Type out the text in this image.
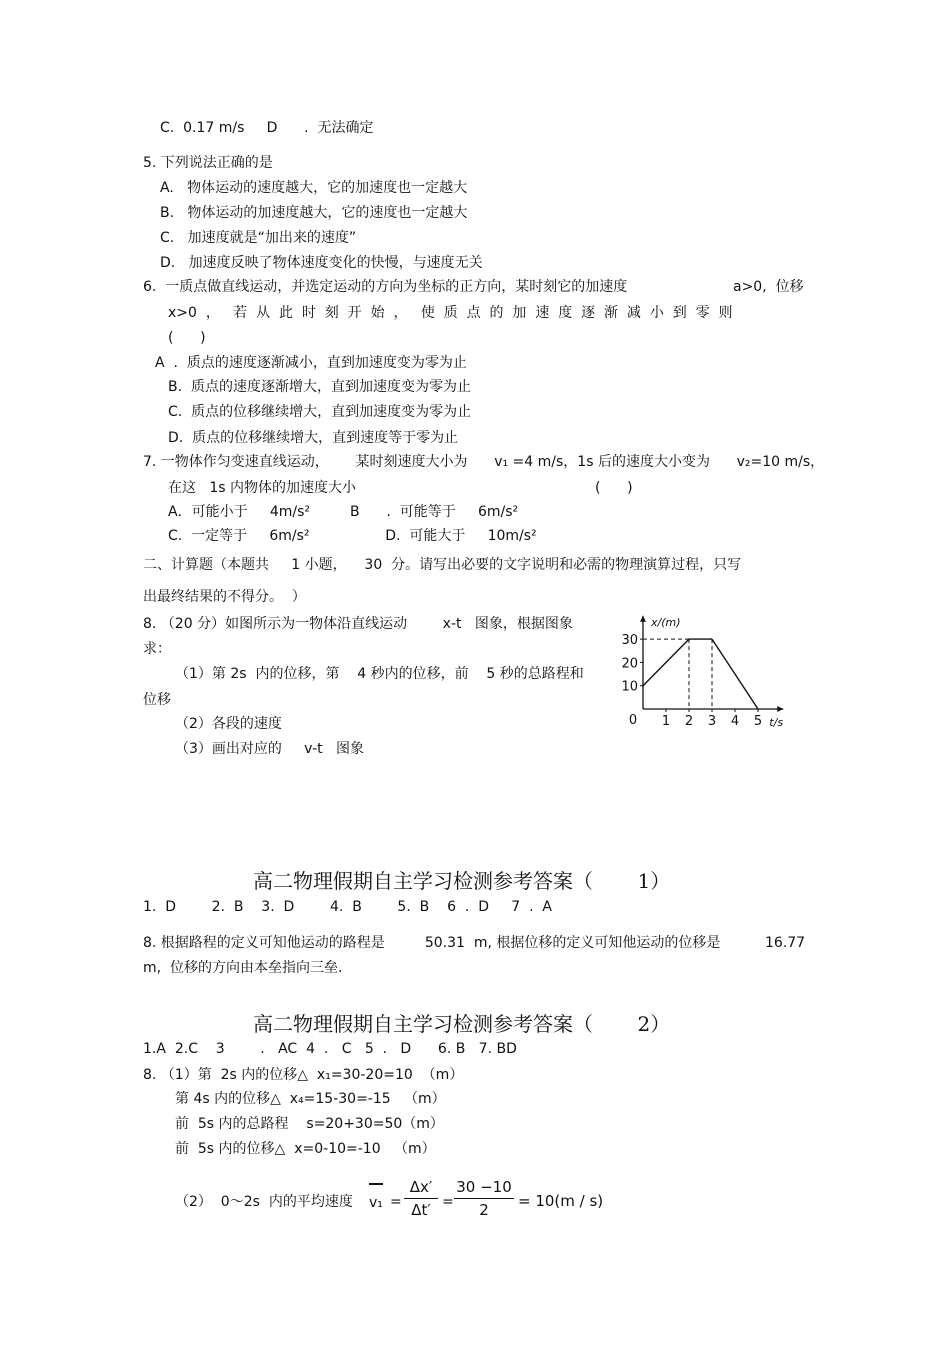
C.  0.17 m/s     D      .  无法确定
5. 下列说法正确的是
A.   物体运动的速度越大，它的加速度也一定越大
B.   物体运动的加速度越大，它的速度也一定越大
C.   加速度就是“加出来的速度”
D.   加速度反映了物体速度变化的快慢，与速度无关
6.  一质点做直线运动，并选定运动的方向为坐标的正方向，某时刻它的加速度	a>0,  位移
x>0  ，   若  从  此  时  刻  开  始  ，   使  质  点  的  加  速  度  逐  渐  减  小  到  零  则
(      )
A  .  质点的速度逐渐减小，直到加速度变为零为止
B.  质点的速度逐渐增大，直到加速度变为零为止
C.  质点的位移继续增大，直到加速度变为零为止
D.  质点的位移继续增大，直到速度等于零为止
7. 一物体作匀变速直线运动，      某时刻速度大小为      v₁ =4 m/s，1s 后的速度大小变为      v₂=10 m/s，
在这   1s 内物体的加速度大小	(      )
A．可能小于     4m/s²         B      .  可能等于     6m/s²
C.  一定等于     6m/s²                 D.  可能大于     10m/s²
二、计算题（本题共     1 小题，    30  分。请写出必要的文字说明和必需的物理演算过程，只写
出最终结果的不得分。  ）
8. （20 分）如图所示为一物体沿直线运动        x-t   图象，根据图象
求：
（1）第 2s  内的位移，第    4 秒内的位移，前    5 秒的总路程和
位移
（2）各段的速度
（3）画出对应的     v-t   图象
10
20
30
1 2 3 4 5
0
x/(m)
t/s
高二物理假期自主学习检测参考答案（       1）
1.  D        2.  B    3.  D        4.  B        5.  B    6  .  D     7  .  A
8. 根据路程的定义可知他运动的路程是         50.31  m, 根据位移的定义可知他运动的位移是	16.77
m,  位移的方向由本垒指向三垒.
高二物理假期自主学习检测参考答案（       2）
1.A  2.C    3        .   AC  4  .   C   5  .   D      6. B   7. BD
8. （1）第  2s 内的位移△  x₁=30-20=10  （m）
第 4s 内的位移△  x₄=15-30=-15   （m）
前  5s 内的总路程    s=20+30=50（m）
前  5s 内的位移△  x=0-10=-10   （m）
（2）  0～2s  内的平均速度 v₁ =
Δx′
Δt′ =
30 −10
2	= 10(m / s)
